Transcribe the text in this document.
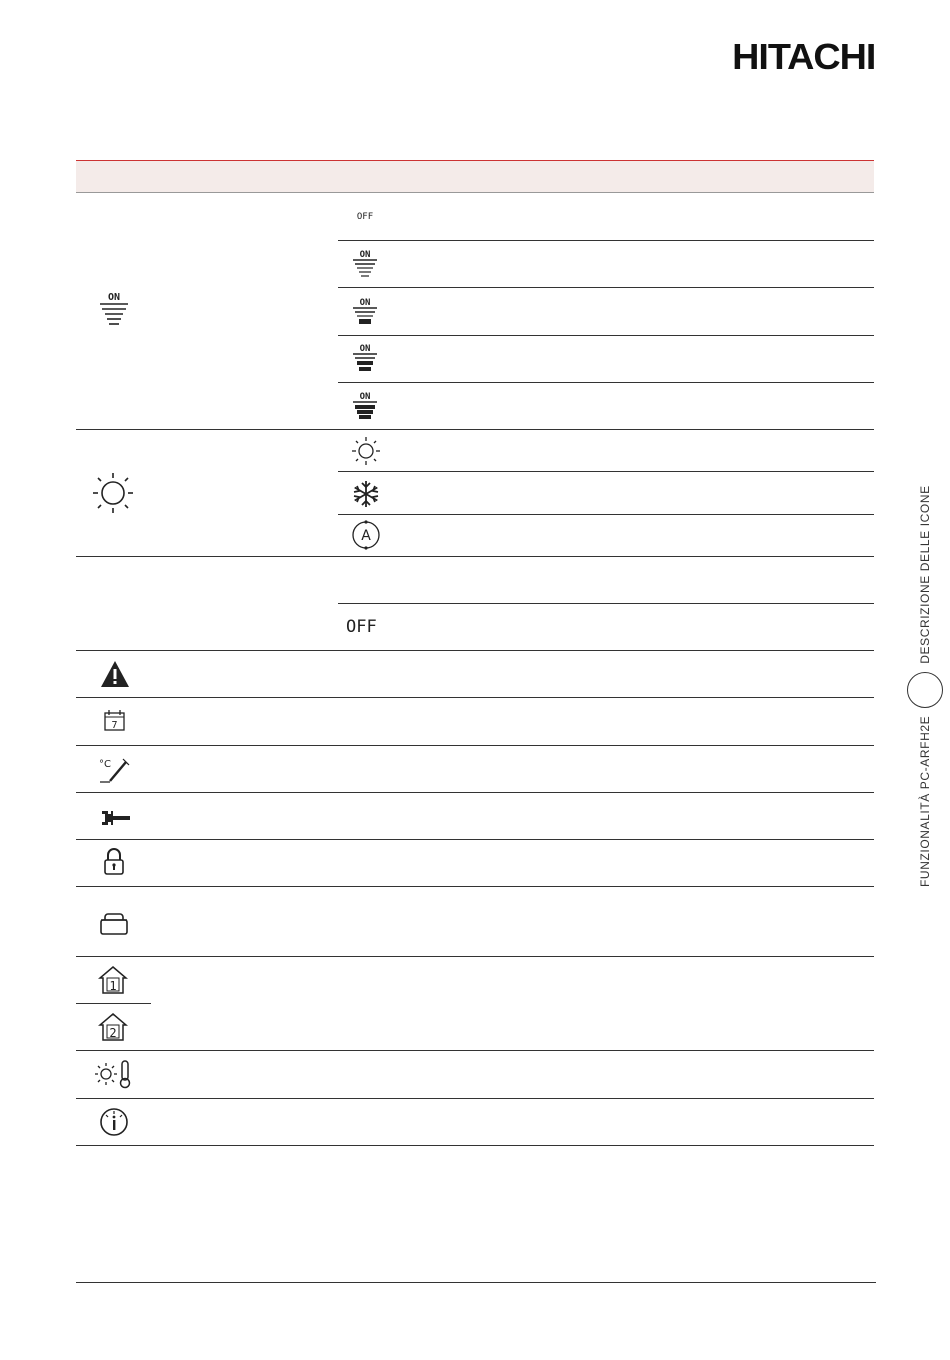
HITACHI
ON
OFF
ON
ON
ON
ON
A
OFF
7
°C
1
2
FUNZIONALITÀ PC-ARFH2E
DESCRIZIONE DELLE ICONE
